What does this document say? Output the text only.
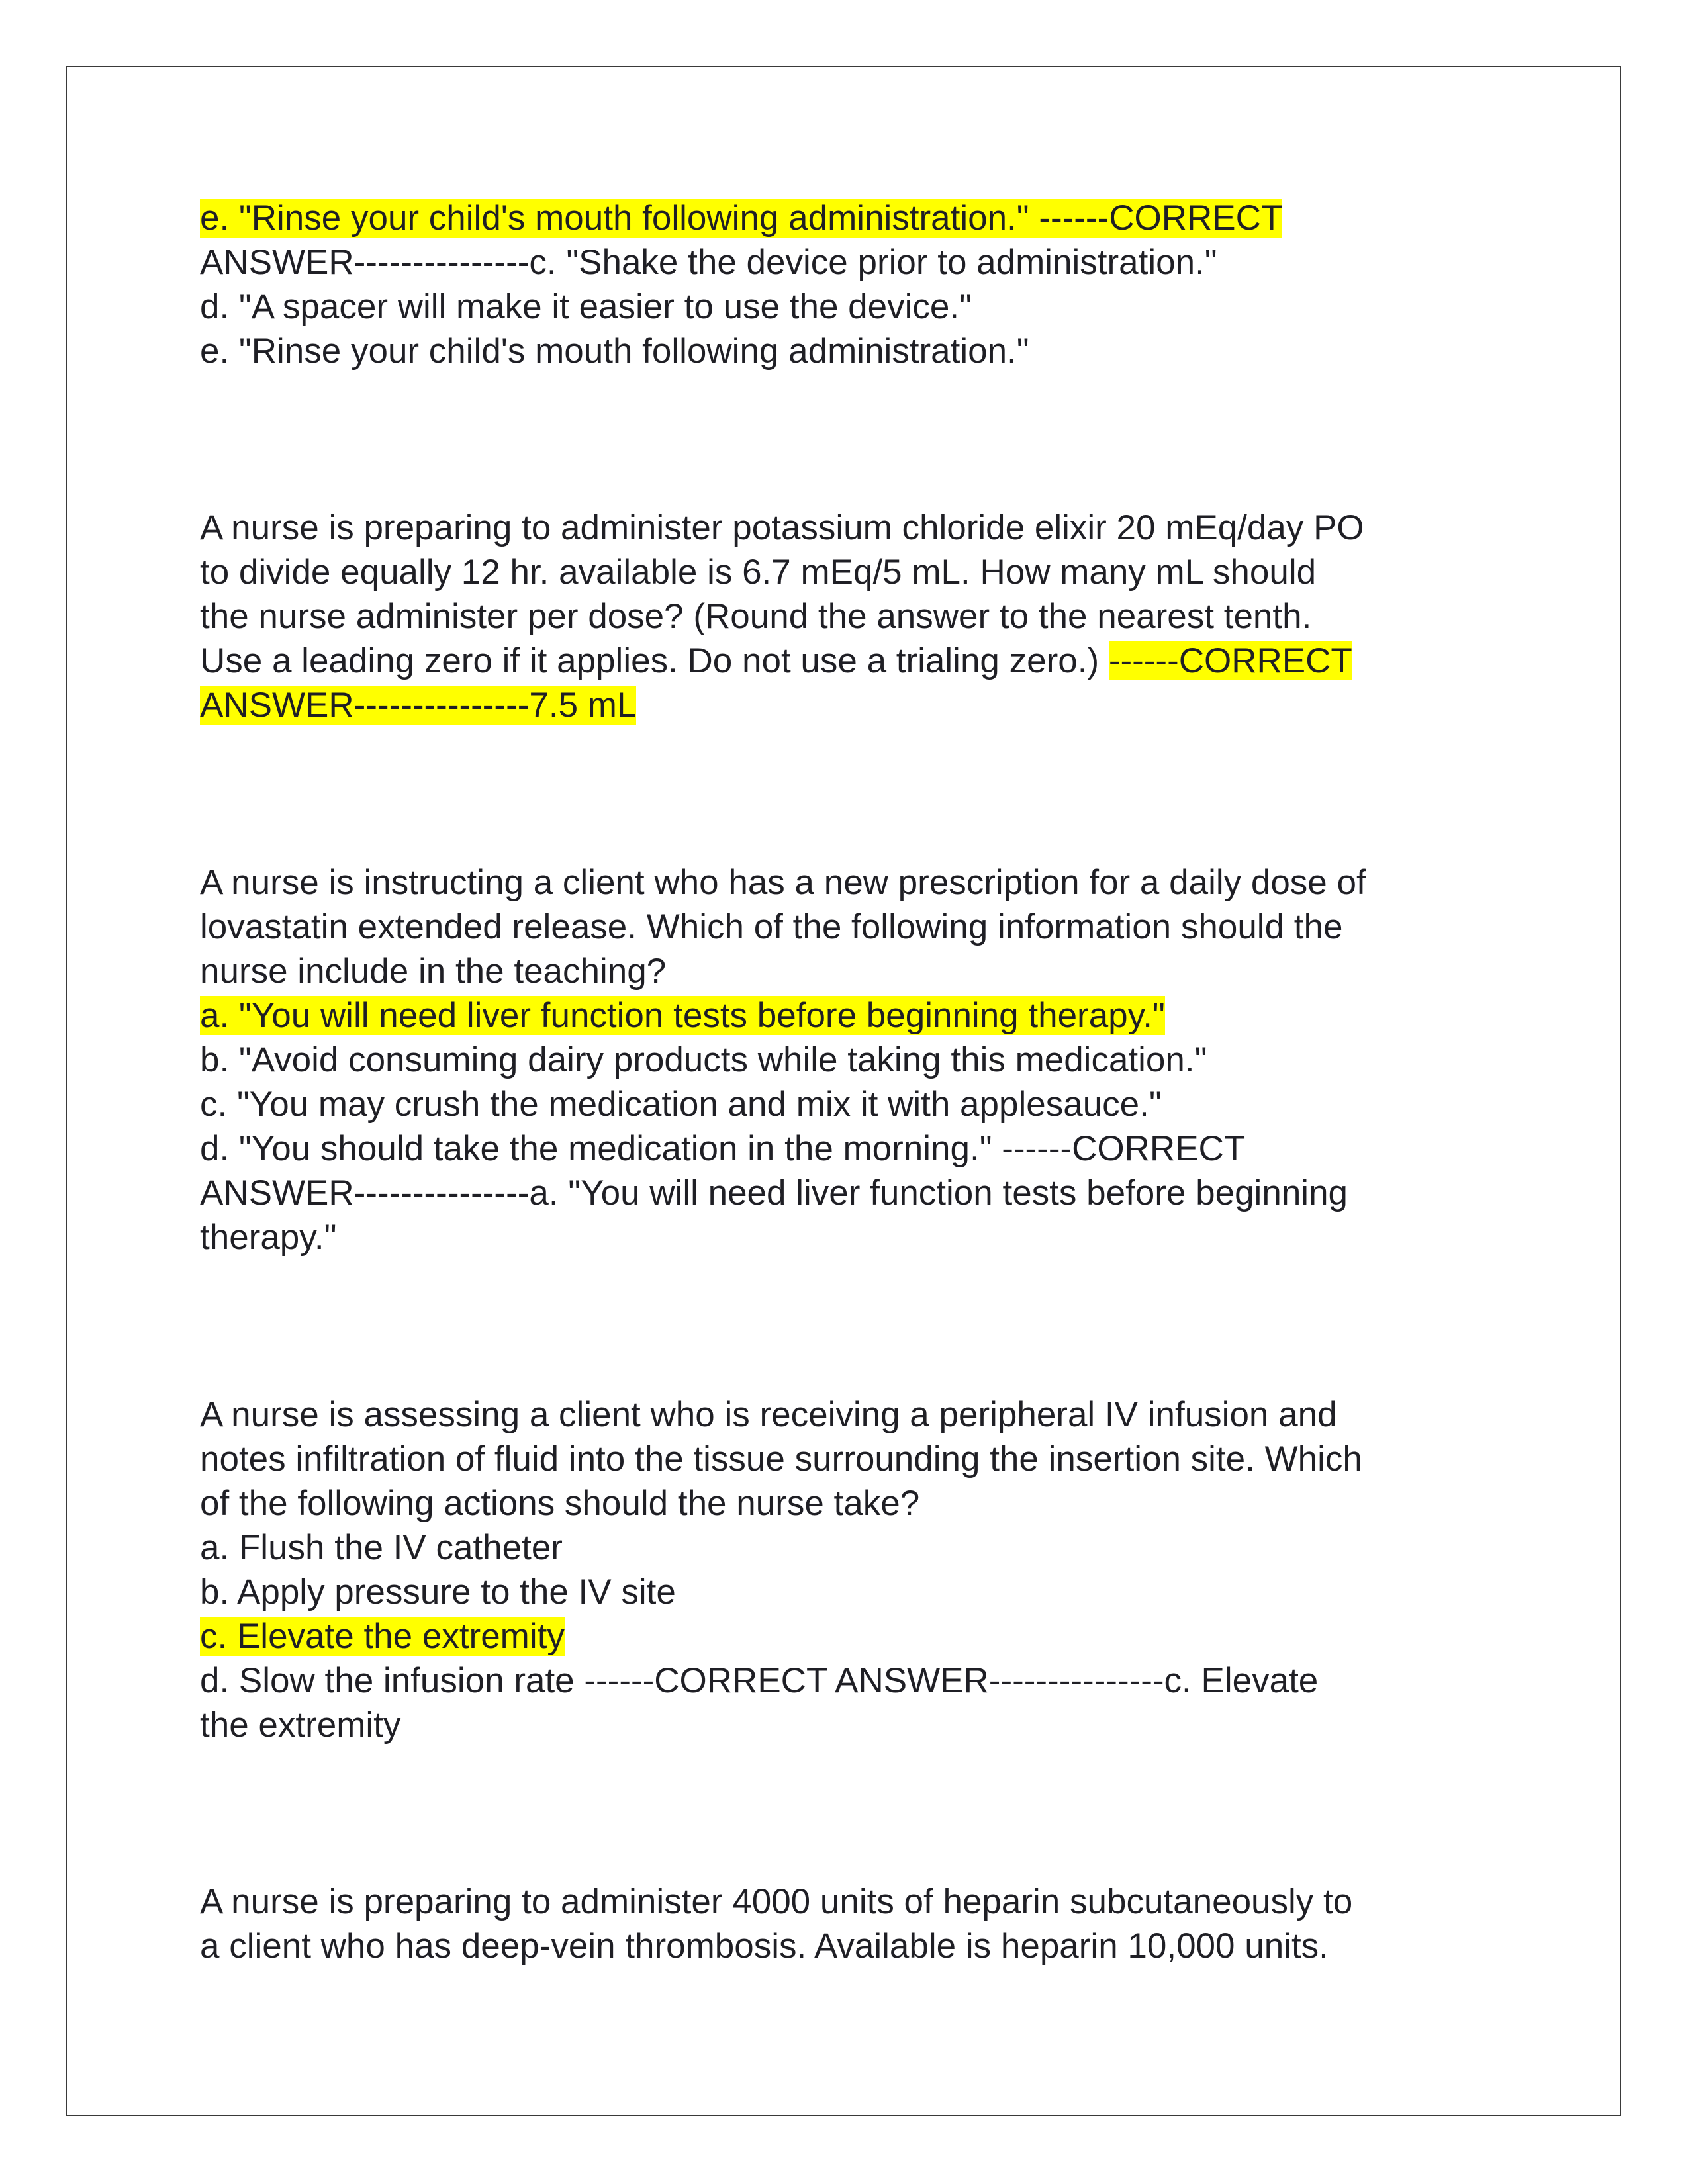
e. "Rinse your child's mouth following administration." ------CORRECT
ANSWER---------------c. "Shake the device prior to administration."
d. "A spacer will make it easier to use the device."
e. "Rinse your child's mouth following administration."
A nurse is preparing to administer potassium chloride elixir 20 mEq/day PO
to divide equally 12 hr. available is 6.7 mEq/5 mL. How many mL should
the nurse administer per dose? (Round the answer to the nearest tenth.
Use a leading zero if it applies. Do not use a trialing zero.) ------CORRECT
ANSWER---------------7.5 mL
A nurse is instructing a client who has a new prescription for a daily dose of
lovastatin extended release. Which of the following information should the
nurse include in the teaching?
a. "You will need liver function tests before beginning therapy."
b. "Avoid consuming dairy products while taking this medication."
c. "You may crush the medication and mix it with applesauce."
d. "You should take the medication in the morning." ------CORRECT
ANSWER---------------a. "You will need liver function tests before beginning
therapy."
A nurse is assessing a client who is receiving a peripheral IV infusion and
notes infiltration of fluid into the tissue surrounding the insertion site. Which
of the following actions should the nurse take?
a. Flush the IV catheter
b. Apply pressure to the IV site
c. Elevate the extremity
d. Slow the infusion rate ------CORRECT ANSWER---------------c. Elevate
the extremity
A nurse is preparing to administer 4000 units of heparin subcutaneously to
a client who has deep-vein thrombosis. Available is heparin 10,000 units.
